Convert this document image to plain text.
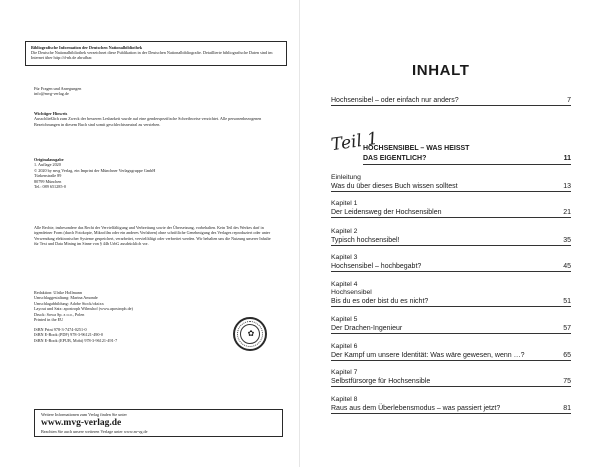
Bibliografische Information der Deutschen Nationalbibliothek
Die Deutsche Nationalbibliothek verzeichnet diese Publikation in der Deutschen Nationalbibliografie. Detaillierte bibliografische Daten sind im Internet über http://d-nb.de abrufbar.
Für Fragen und Anregungen
info@mvg-verlag.de
Wichtiger Hinweis
Ausschließlich zum Zweck der besseren Lesbarkeit wurde auf eine genderspezifische Schreibweise verzichtet. Alle personenbezogenen Bezeichnungen in diesem Buch sind somit geschlechtsneutral zu verstehen.
Originalausgabe
1. Auflage 2020
© 2020 by mvg Verlag, ein Imprint der Münchner Verlagsgruppe GmbH
Türkenstraße 89
80799 München
Tel.: 089 651285-0
Alle Rechte, insbesondere das Recht der Vervielfältigung und Verbreitung sowie der Übersetzung, vorbehalten. Kein Teil des Werkes darf in irgendeiner Form (durch Fotokopie, Mikrofilm oder ein anderes Verfahren) ohne schriftliche Genehmigung des Verlages reproduziert oder unter Verwendung elektronischer Systeme gespeichert, verarbeitet, vervielfältigt oder verbreitet werden. Wir behalten uns die Nutzung unserer Inhalte für Text und Data Mining im Sinne von § 44b UrhG ausdrücklich vor.
Redaktion: Ulrike Hollmann
Umschlaggestaltung: Marina Amonde
Umschlagabbildung: Adobe Stock/oksixx
Layout und Satz: apostroph Wilmshof (www.apostroph.de)
Druck: Sowa Sp. z o.o., Polen
Printed in the EU
ISBN Print 978-3-7474-0251-0
ISBN E-Book (PDF) 978-3-96121-490-0
ISBN E-Book (EPUB, Mobi) 978-3-96121-491-7
✿
Weitere Informationen zum Verlag finden Sie unter
www.mvg-verlag.de
Beachten Sie auch unsere weiteren Verlage unter www.m-vg.de
INHALT
Hochsensibel – oder einfach nur anders?	7
Teil 1
HOCHSENSIBEL – WAS HEISST
DAS EIGENTLICH?	11
Einleitung
Was du über dieses Buch wissen solltest	13
Kapitel 1
Der Leidensweg der Hochsensiblen	21
Kapitel 2
Typisch hochsensibel!	35
Kapitel 3
Hochsensibel – hochbegabt?	45
Kapitel 4
Hochsensibel
Bis du es oder bist du es nicht?	51
Kapitel 5
Der Drachen-Ingenieur	57
Kapitel 6
Der Kampf um unsere Identität: Was wäre gewesen, wenn …?	65
Kapitel 7
Selbstfürsorge für Hochsensible	75
Kapitel 8
Raus aus dem Überlebensmodus – was passiert jetzt?	81
